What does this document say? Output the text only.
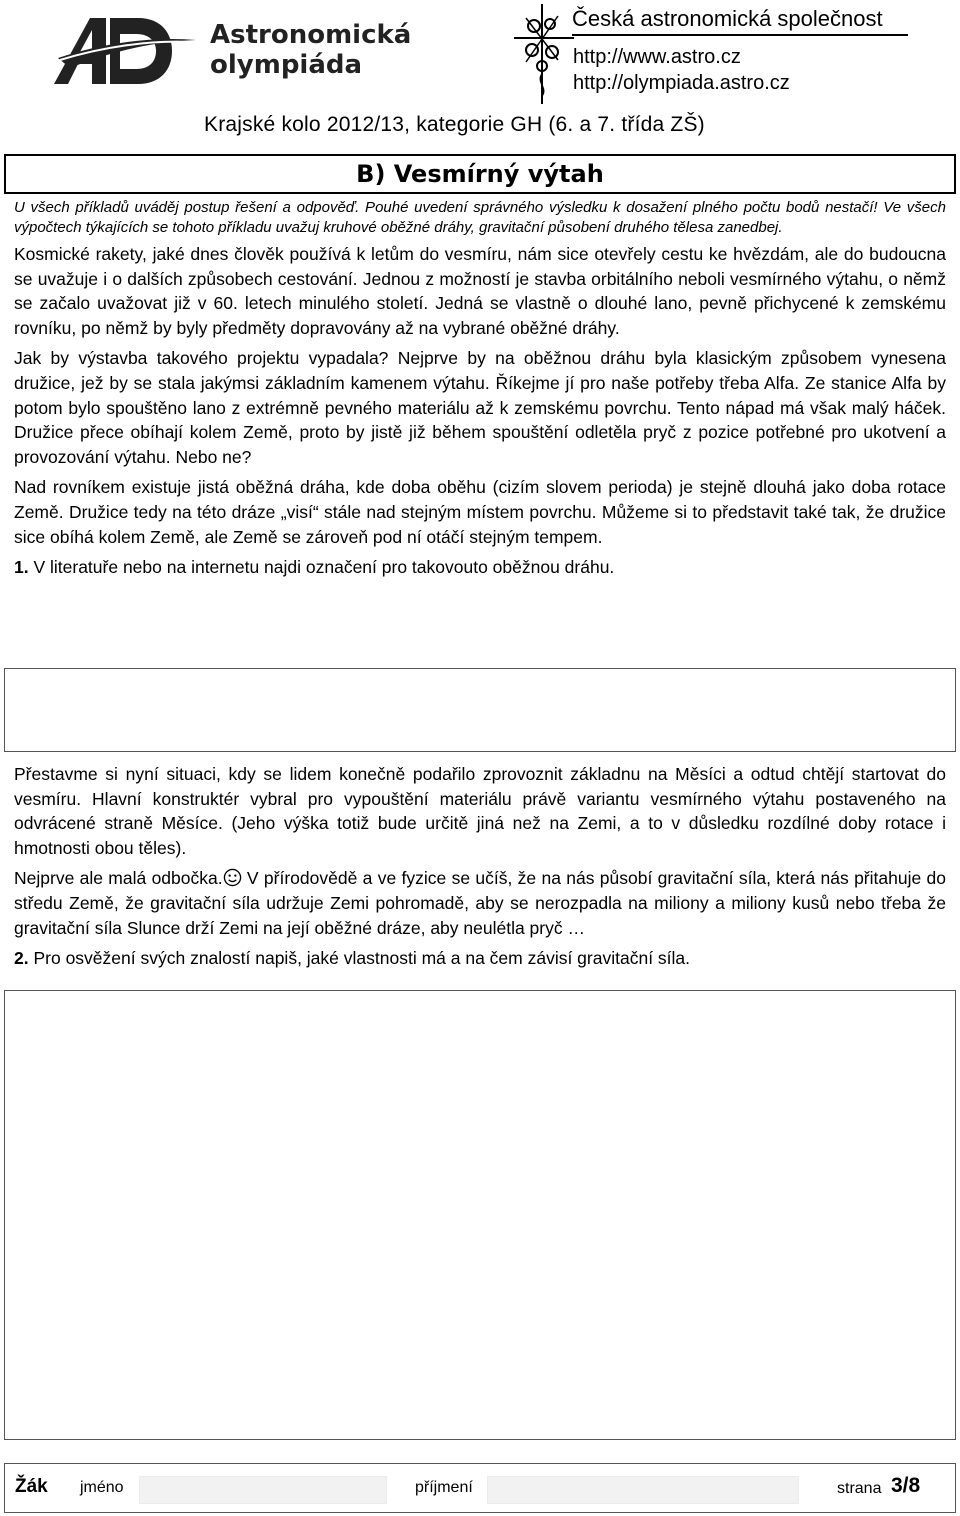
Astronomická
olympiáda
Česká astronomická společnost
http://www.astro.cz
http://olympiada.astro.cz
Krajské kolo 2012/13, kategorie GH (6. a 7. třída ZŠ)
B) Vesmírný výtah
U všech příkladů uváděj postup řešení a odpověď. Pouhé uvedení správného výsledku k dosažení plného počtu bodů nestačí! Ve všech výpočtech týkajících se tohoto příkladu uvažuj kruhové oběžné dráhy, gravitační působení druhého tělesa zanedbej.
Kosmické rakety, jaké dnes člověk používá k letům do vesmíru, nám sice otevřely cestu ke hvězdám, ale do budoucna se uvažuje i o dalších způsobech cestování. Jednou z možností je stavba orbitálního neboli vesmírného výtahu, o němž se začalo uvažovat již v 60. letech minulého století. Jedná se vlastně o dlouhé lano, pevně přichycené k zemskému rovníku, po němž by byly předměty dopravovány až na vybrané oběžné dráhy.
Jak by výstavba takového projektu vypadala? Nejprve by na oběžnou dráhu byla klasickým způsobem vynesena družice, jež by se stala jakýmsi základním kamenem výtahu. Říkejme jí pro naše potřeby třeba Alfa. Ze stanice Alfa by potom bylo spouštěno lano z extrémně pevného materiálu až k zemskému povrchu. Tento nápad má však malý háček. Družice přece obíhají kolem Země, proto by jistě již během spouštění odletěla pryč z pozice potřebné pro ukotvení a provozování výtahu. Nebo ne?
Nad rovníkem existuje jistá oběžná dráha, kde doba oběhu (cizím slovem perioda) je stejně dlouhá jako doba rotace Země. Družice tedy na této dráze „visí“ stále nad stejným místem povrchu. Můžeme si to představit také tak, že družice sice obíhá kolem Země, ale Země se zároveň pod ní otáčí stejným tempem.
1. V literatuře nebo na internetu najdi označení pro takovouto oběžnou dráhu.
Přestavme si nyní situaci, kdy se lidem konečně podařilo zprovoznit základnu na Měsíci a odtud chtějí startovat do vesmíru. Hlavní konstruktér vybral pro vypouštění materiálu právě variantu vesmírného výtahu postaveného na odvrácené straně Měsíce. (Jeho výška totiž bude určitě jiná než na Zemi, a to v důsledku rozdílné doby rotace i hmotnosti obou těles).
Nejprve ale malá odbočka. V přírodovědě a ve fyzice se učíš, že na nás působí gravitační síla, která nás přitahuje do středu Země, že gravitační síla udržuje Zemi pohromadě, aby se nerozpadla na miliony a miliony kusů nebo třeba že gravitační síla Slunce drží Zemi na její oběžné dráze, aby neulétla pryč …
2. Pro osvěžení svých znalostí napiš, jaké vlastnosti má a na čem závisí gravitační síla.
Žák jméno	příjmení	strana 3/8
